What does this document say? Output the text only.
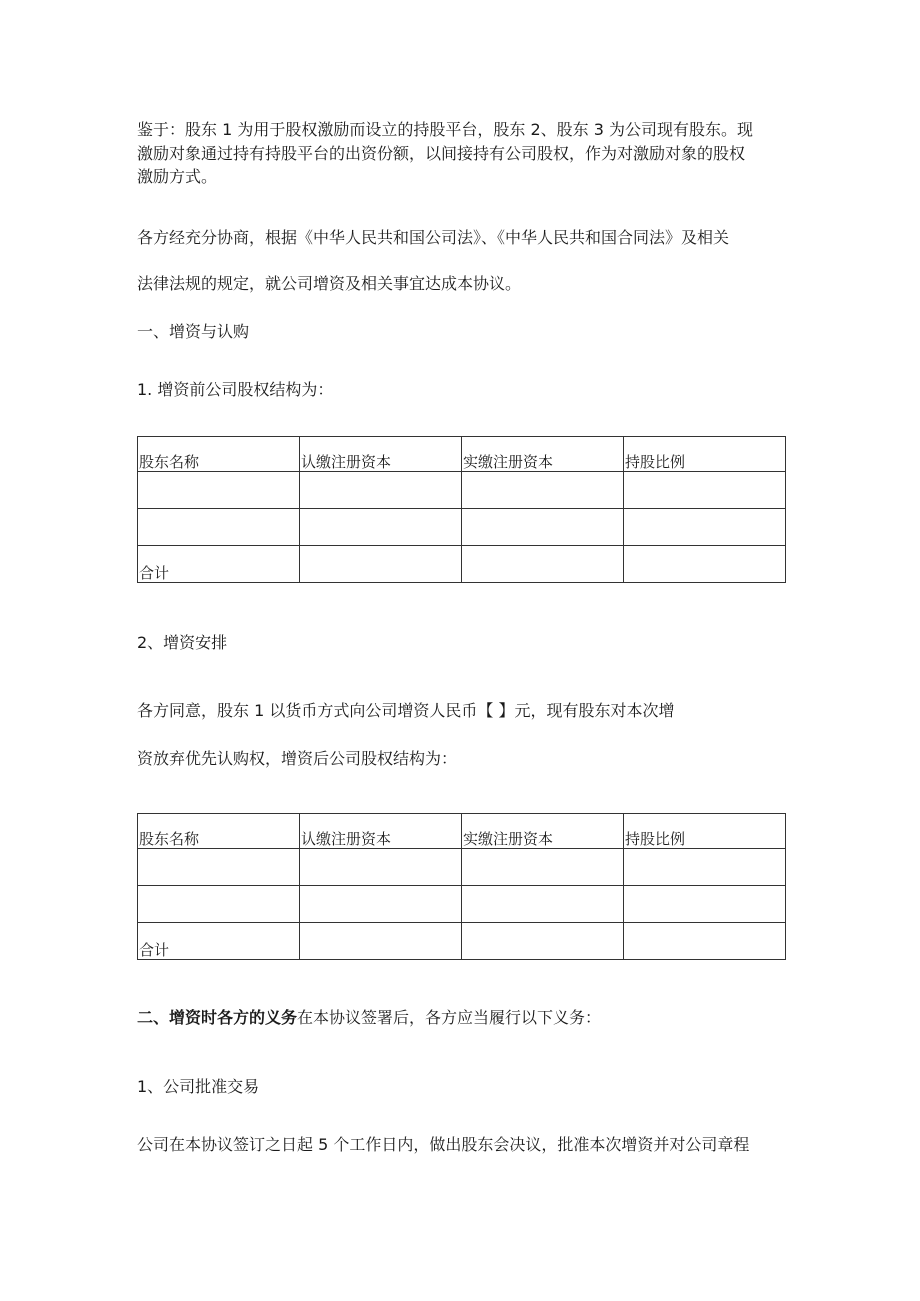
鉴于：股东 1 为用于股权激励而设立的持股平台，股东 2、股东 3 为公司现有股东。现

激励对象通过持有持股平台的出资份额，以间接持有公司股权，作为对激励对象的股权

激励方式。

各方经充分协商，根据《中华人民共和国公司法》、《中华人民共和国合同法》及相关

法律法规的规定，就公司增资及相关事宜达成本协议。

一、增资与认购

1. 增资前公司股权结构为：

股东名称	认缴注册资本	实缴注册资本	持股比例

合计			

2、增资安排

各方同意，股东 1 以货币方式向公司增资人民币【 】元，现有股东对本次增

资放弃优先认购权，增资后公司股权结构为：

股东名称	认缴注册资本	实缴注册资本	持股比例

合计			

二、增资时各方的义务在本协议签署后，各方应当履行以下义务：

1、公司批准交易

公司在本协议签订之日起 5 个工作日内，做出股东会决议，批准本次增资并对公司章程
